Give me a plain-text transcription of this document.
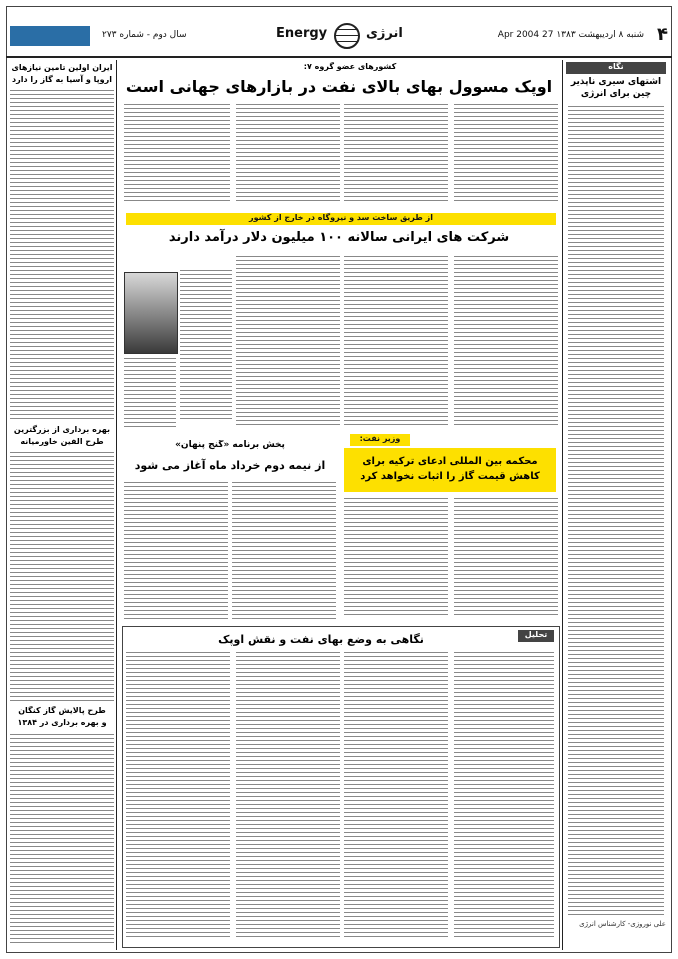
سال دوم - شماره ۲۷۳	Energy	انرژی	شنبه ۸ اردیبهشت ۱۳۸۳ 27 Apr 2004 ۴
نگاه
اشتهای سیری ناپذیر چین برای انرژی
علی نوروزی- کارشناس انرژی
کشورهای عضو گروه ۷:
اوپک مسوول بهای بالای نفت در بازارهای جهانی است
از طریق ساخت سد و نیروگاه در خارج از کشور
شرکت های ایرانی سالانه ۱۰۰ میلیون دلار درآمد دارند
وزیر نفت:
محکمه بین المللی ادعای ترکیه برای کاهش قیمت گاز را اثبات نخواهد کرد
پخش برنامه «گنج پنهان»
از نیمه دوم خرداد ماه آغاز می شود
تحلیل
نگاهی به وضع بهای نفت و نقش اوپک
ایران اولین تامین نیازهای اروپا و آسیا به گاز را دارد
بهره برداری از بزرگترین طرح الفین خاورمیانه
طرح پالایش گاز کنگان
و بهره برداری در ۱۳۸۴
